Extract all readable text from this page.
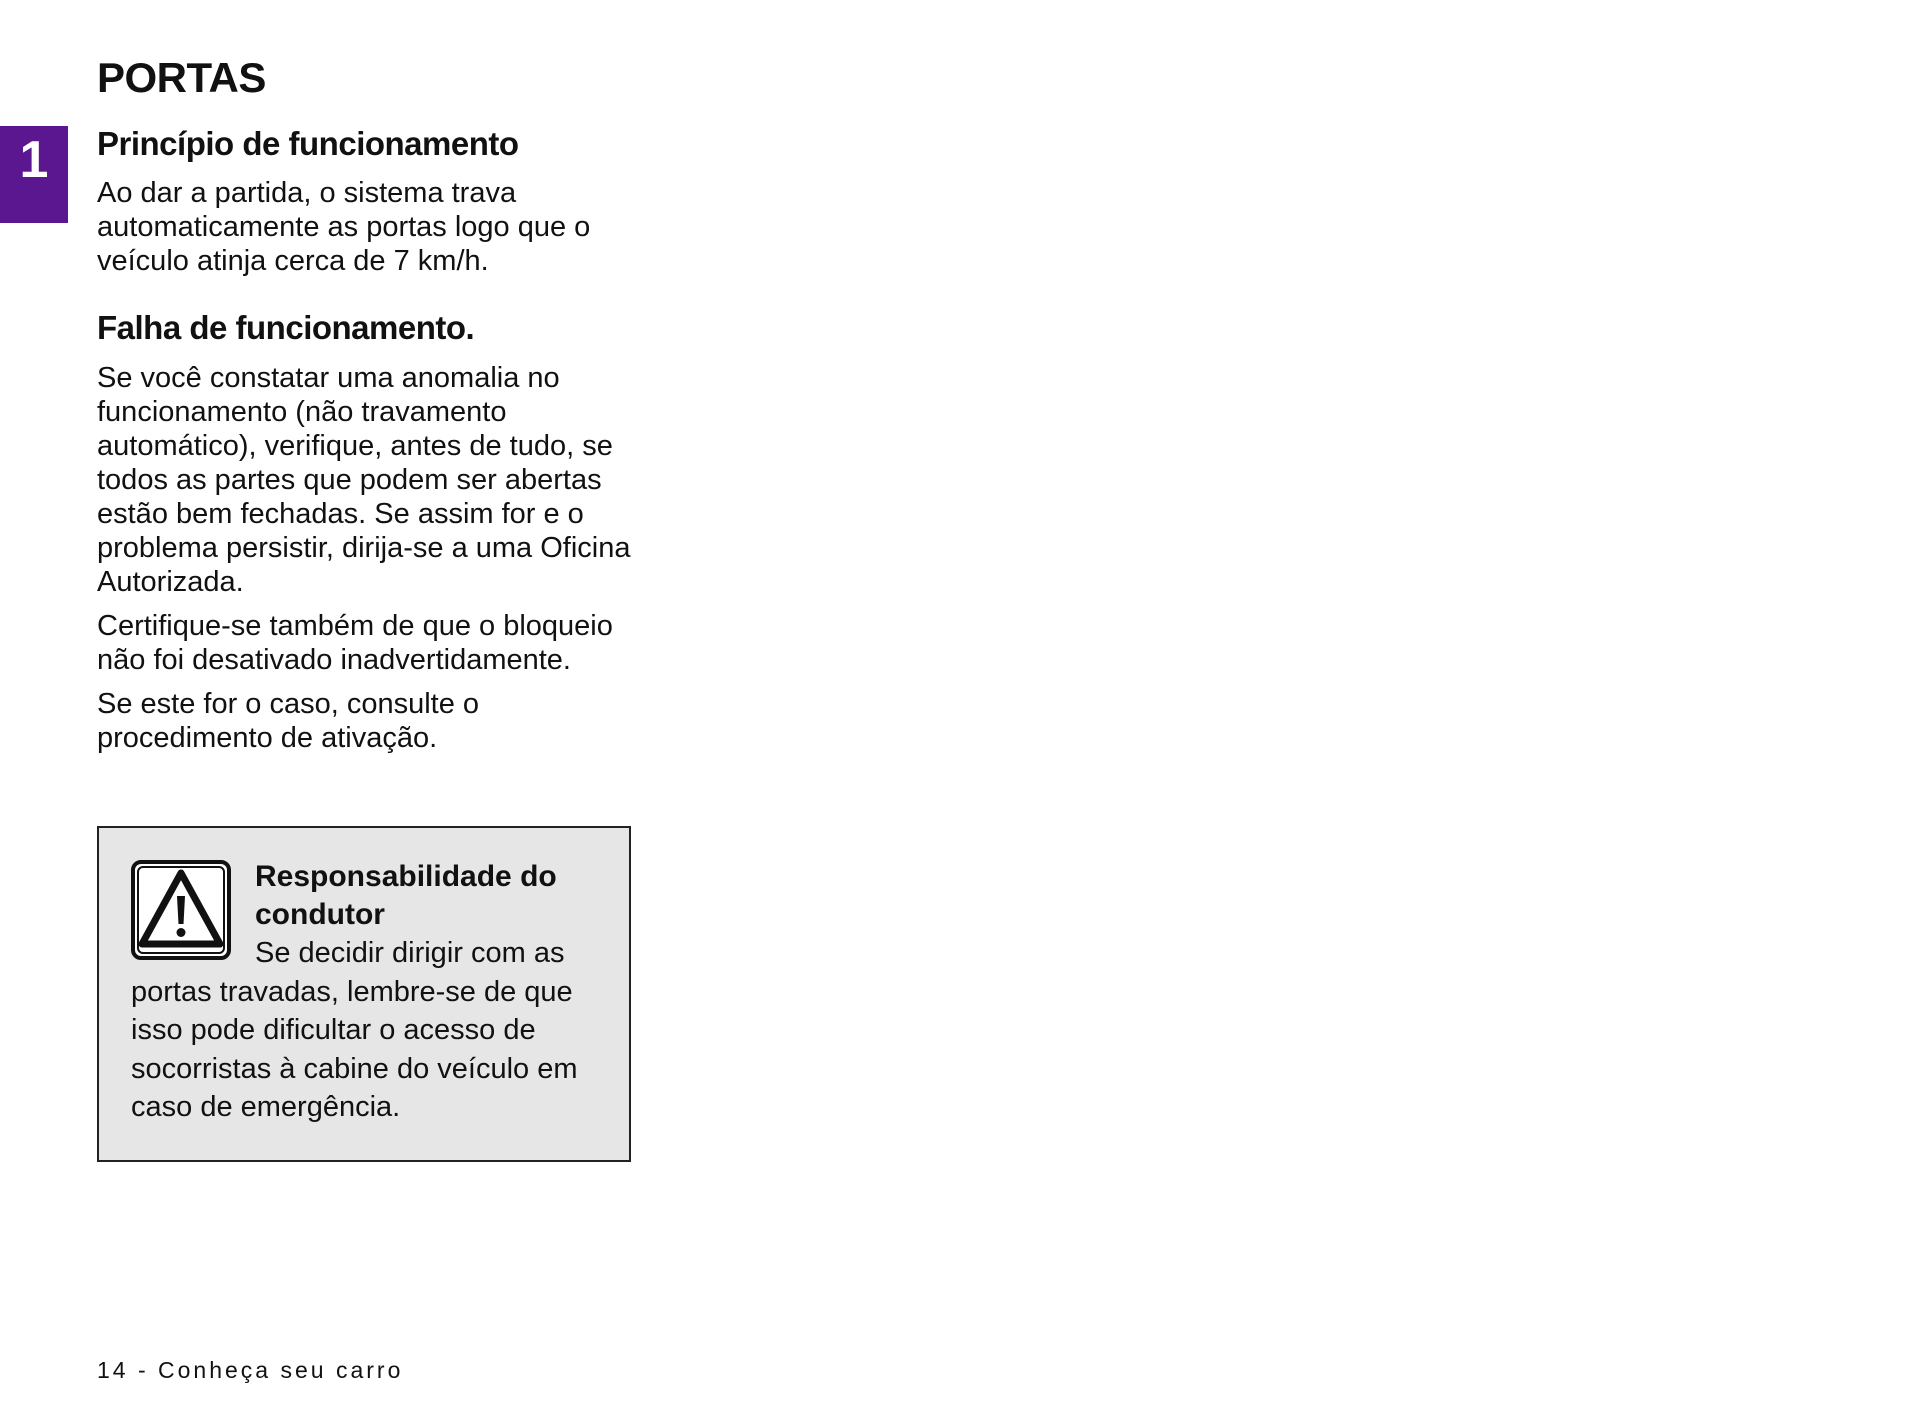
1
PORTAS
Princípio de funcionamento

Ao dar a partida, o sistema trava automaticamente as portas logo que o veículo atinja cerca de 7 km/h.

Falha de funcionamento.

Se você constatar uma anomalia no funcionamento (não travamento automático), verifique, antes de tudo, se todos as partes que podem ser abertas estão bem fechadas. Se assim for e o problema persistir, dirija-se a uma Oficina Autorizada.

Certifique-se também de que o bloqueio não foi desativado inadvertidamente.

Se este for o caso, consulte o procedimento de ativação.

Responsabilidade do condutor

Se decidir dirigir com as portas travadas, lembre-se de que isso pode dificultar o acesso de socorristas à cabine do veículo em caso de emergência.

14 - Conheça seu carro
